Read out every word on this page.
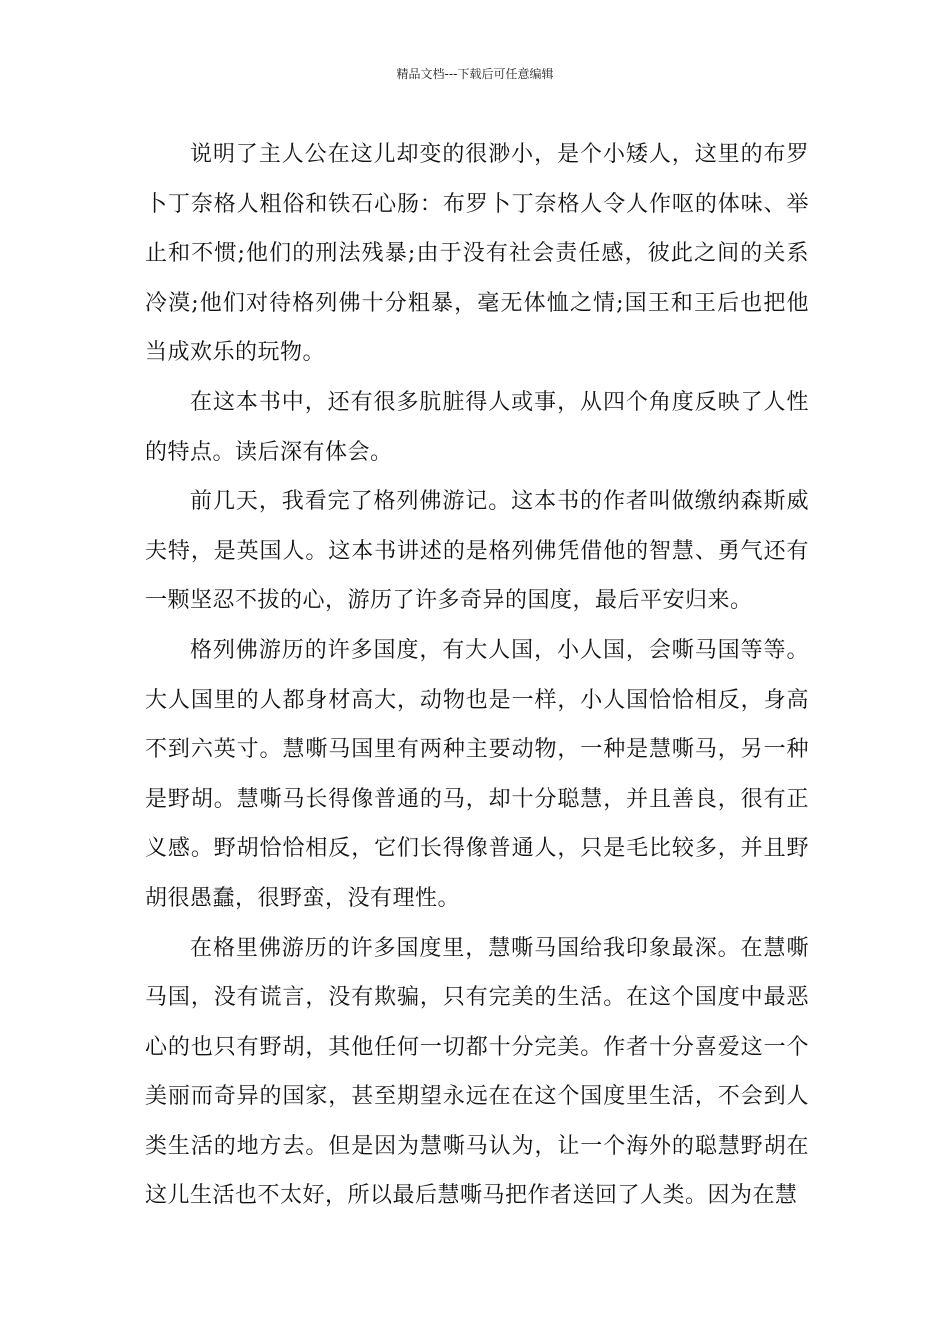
精品文档---下载后可任意编辑

说明了主人公在这儿却变的很渺小，是个小矮人，这里的布罗卜丁奈格人粗俗和铁石心肠：布罗卜丁奈格人令人作呕的体味、举止和不惯;他们的刑法残暴;由于没有社会责任感，彼此之间的关系冷漠;他们对待格列佛十分粗暴，毫无体恤之情;国王和王后也把他当成欢乐的玩物。

在这本书中，还有很多肮脏得人或事，从四个角度反映了人性的特点。读后深有体会。

前几天，我看完了格列佛游记。这本书的作者叫做缴纳森斯威夫特，是英国人。这本书讲述的是格列佛凭借他的智慧、勇气还有一颗坚忍不拔的心，游历了许多奇异的国度，最后平安归来。

格列佛游历的许多国度，有大人国，小人国，会嘶马国等等。大人国里的人都身材高大，动物也是一样，小人国恰恰相反，身高不到六英寸。慧嘶马国里有两种主要动物，一种是慧嘶马，另一种是野胡。慧嘶马长得像普通的马，却十分聪慧，并且善良，很有正义感。野胡恰恰相反，它们长得像普通人，只是毛比较多，并且野胡很愚蠢，很野蛮，没有理性。

在格里佛游历的许多国度里，慧嘶马国给我印象最深。在慧嘶马国，没有谎言，没有欺骗，只有完美的生活。在这个国度中最恶心的也只有野胡，其他任何一切都十分完美。作者十分喜爱这一个美丽而奇异的国家，甚至期望永远在在这个国度里生活，不会到人类生活的地方去。但是因为慧嘶马认为，让一个海外的聪慧野胡在这儿生活也不太好，所以最后慧嘶马把作者送回了人类。因为在慧
